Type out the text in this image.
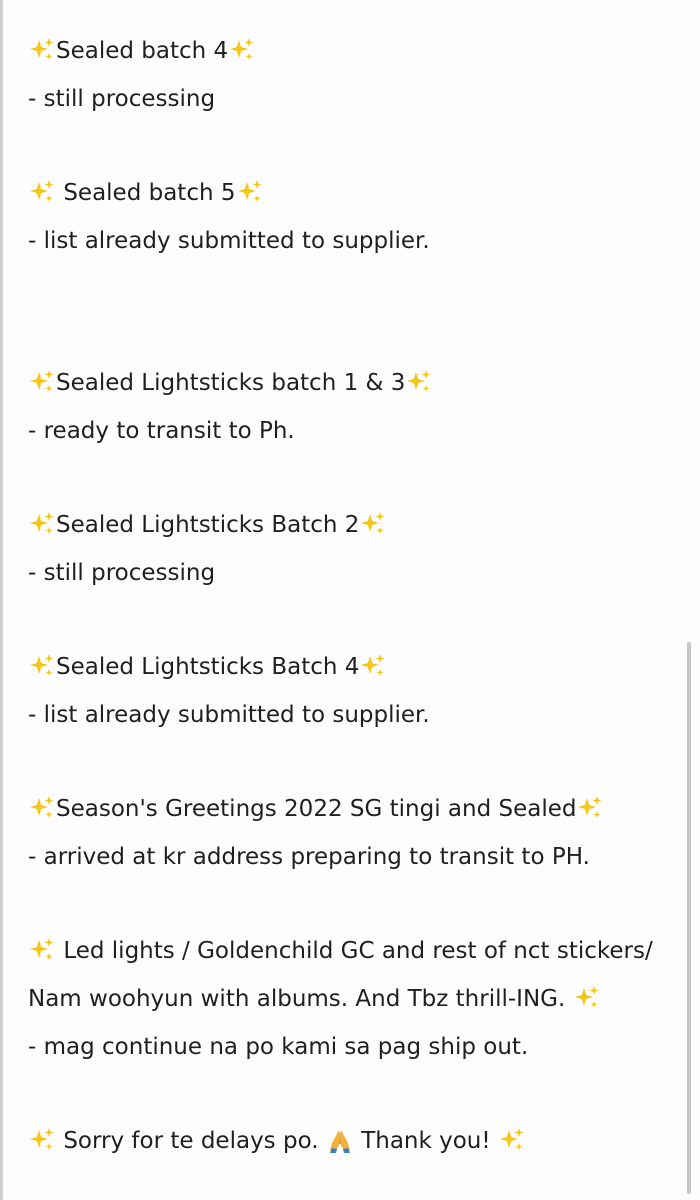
Sealed batch 4
- still processing
Sealed batch 5
- list already submitted to supplier.
Sealed Lightsticks batch 1 & 3
- ready to transit to Ph.
Sealed Lightsticks Batch 2
- still processing
Sealed Lightsticks Batch 4
- list already submitted to supplier.
Season's Greetings 2022 SG tingi and Sealed
- arrived at kr address preparing to transit to PH.
Led lights / Goldenchild GC and rest of nct stickers/
Nam woohyun with albums. And Tbz thrill-ING.
- mag continue na po kami sa pag ship out.
Sorry for te delays po. Thank you!
